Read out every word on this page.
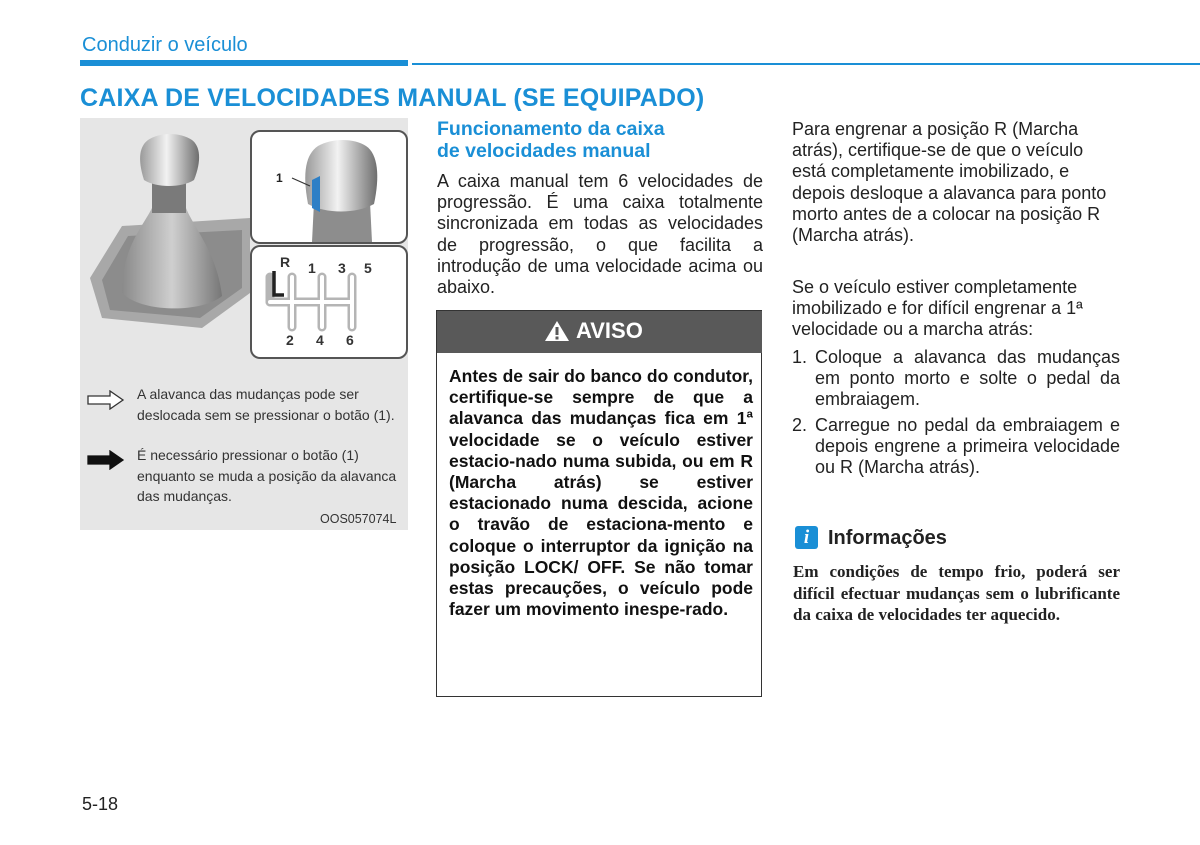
Conduzir o veículo
CAIXA DE VELOCIDADES MANUAL (SE EQUIPADO)
1
R 1 3 5
2 4 6
A alavanca das mudanças pode ser deslocada sem se pressionar o botão (1).
É necessário pressionar o botão (1) enquanto se muda a posição da alavanca das mudanças.
OOS057074L
Funcionamento da caixa
de velocidades manual
A caixa manual tem 6 velocidades de progressão. É uma caixa totalmente sincronizada em todas as velocidades de progressão, o que facilita a introdução de uma velocidade acima ou abaixo.
AVISO
Antes de sair do banco do condutor, certifique-se sempre de que a alavanca das mudanças fica em 1ª velocidade se o veículo estiver estacio-nado numa subida, ou em R (Marcha atrás) se estiver estacionado numa descida, acione o travão de estaciona-mento e coloque o interruptor da ignição na posição LOCK/ OFF. Se não tomar estas precauções, o veículo pode fazer um movimento inespe-rado.
Para engrenar a posição R (Marcha atrás), certifique-se de que o veículo está completamente imobilizado, e depois desloque a alavanca para ponto morto antes de a colocar na posição R (Marcha atrás).
Se o veículo estiver completamente imobilizado e for difícil engrenar a 1ª velocidade ou a marcha atrás:
1. Coloque a alavanca das mudanças em ponto morto e solte o pedal da embraiagem.
2. Carregue no pedal da embraiagem e depois engrene a primeira velocidade ou R (Marcha atrás).
i Informações
Em condições de tempo frio, poderá ser difícil efectuar mudanças sem o lubrificante da caixa de velocidades ter aquecido.
5-18
